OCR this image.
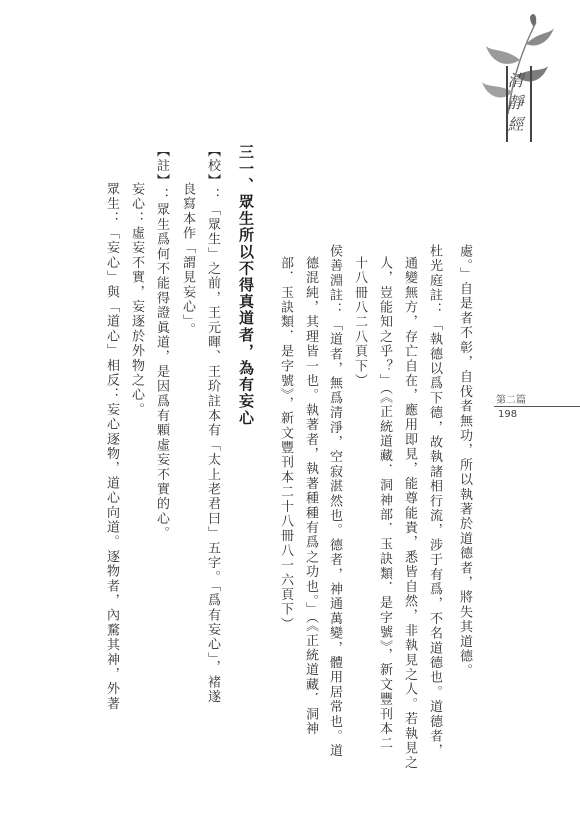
清靜經
第二篇
198
處。」自是者不彰，自伐者無功，所以執著於道德者，將失其道德。
杜光庭註：「執德以爲下德，故執諸相行流，涉于有爲，不名道德也。道德者，
通變無方，存亡自在，應用即見，能尊能貴，悉皆自然，非執見之人。若執見之
人，豈能知之乎？」（《正統道藏．洞神部．玉訣類．是字號》，新文豐刊本二
十八冊八二八頁下）
侯善淵註：「道者，無爲清淨，空寂湛然也。德者，神通萬變，體用居常也。道
德混純，其理皆一也。執著者，執著種種有爲之功也。」（《正統道藏．洞神
部．玉訣類．是字號》，新文豐刊本二十八冊八一六頁下）
三一、眾生所以不得真道者，為有妄心
【校】：「眾生」之前，王元暉、王玠註本有「太上老君曰」五字。「爲有妄心」，褚遂
良寫本作「謂見妄心」。
【註】：眾生爲何不能得證眞道，是因爲有顆虛妄不實的心。
妄心：虛妄不實，妄逐於外物之心。
眾生：「妄心」與「道心」相反：妄心逐物，道心向道。逐物者，內騖其神，外著
